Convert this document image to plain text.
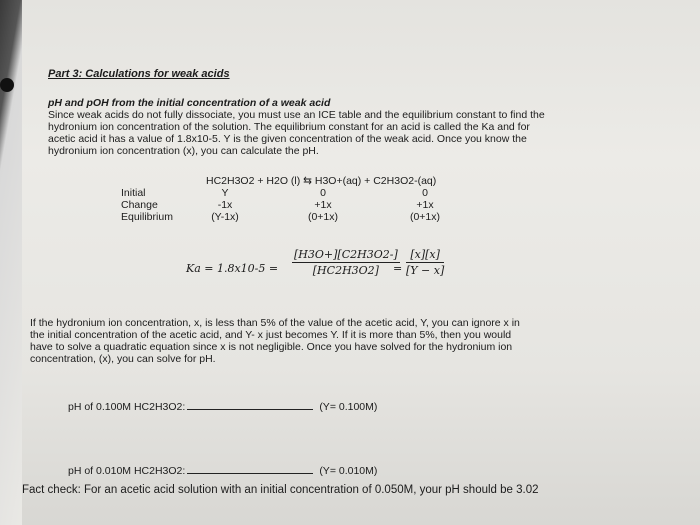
Part 3: Calculations for weak acids
pH and pOH from the initial concentration of a weak acid
Since weak acids do not fully dissociate, you must use an ICE table and the equilibrium constant to find the
hydronium ion concentration of the solution. The equilibrium constant for an acid is called the Ka and for
acetic acid it has a value of 1.8x10-5. Y is the given concentration of the weak acid. Once you know the
hydronium ion concentration (x), you can calculate the pH.
HC2H3O2 + H2O (l) ⇆ H3O+(aq) + C2H3O2-(aq)
Initial	Y	0	0
Change	-1x	+1x	+1x
Equilibrium	(Y-1x)	(0+1x)	(0+1x)
$Ka = 1.8x10-5 = \frac{[H3O+][C2H3O2-]}{[HC2H3O2]}$
= $\frac{[x][x]}{[Y - x]}$
If the hydronium ion concentration, x, is less than 5% of the value of the acetic acid, Y, you can ignore x in
the initial concentration of the acetic acid, and Y- x just becomes Y. If it is more than 5%, then you would
have to solve a quadratic equation since x is not negligible. Once you have solved for the hydronium ion
concentration, (x), you can solve for pH.
pH of 0.100M HC2H3O2:	(Y= 0.100M)
pH of 0.010M HC2H3O2:	(Y= 0.010M)
Fact check: For an acetic acid solution with an initial concentration of 0.050M, your pH should be 3.02
